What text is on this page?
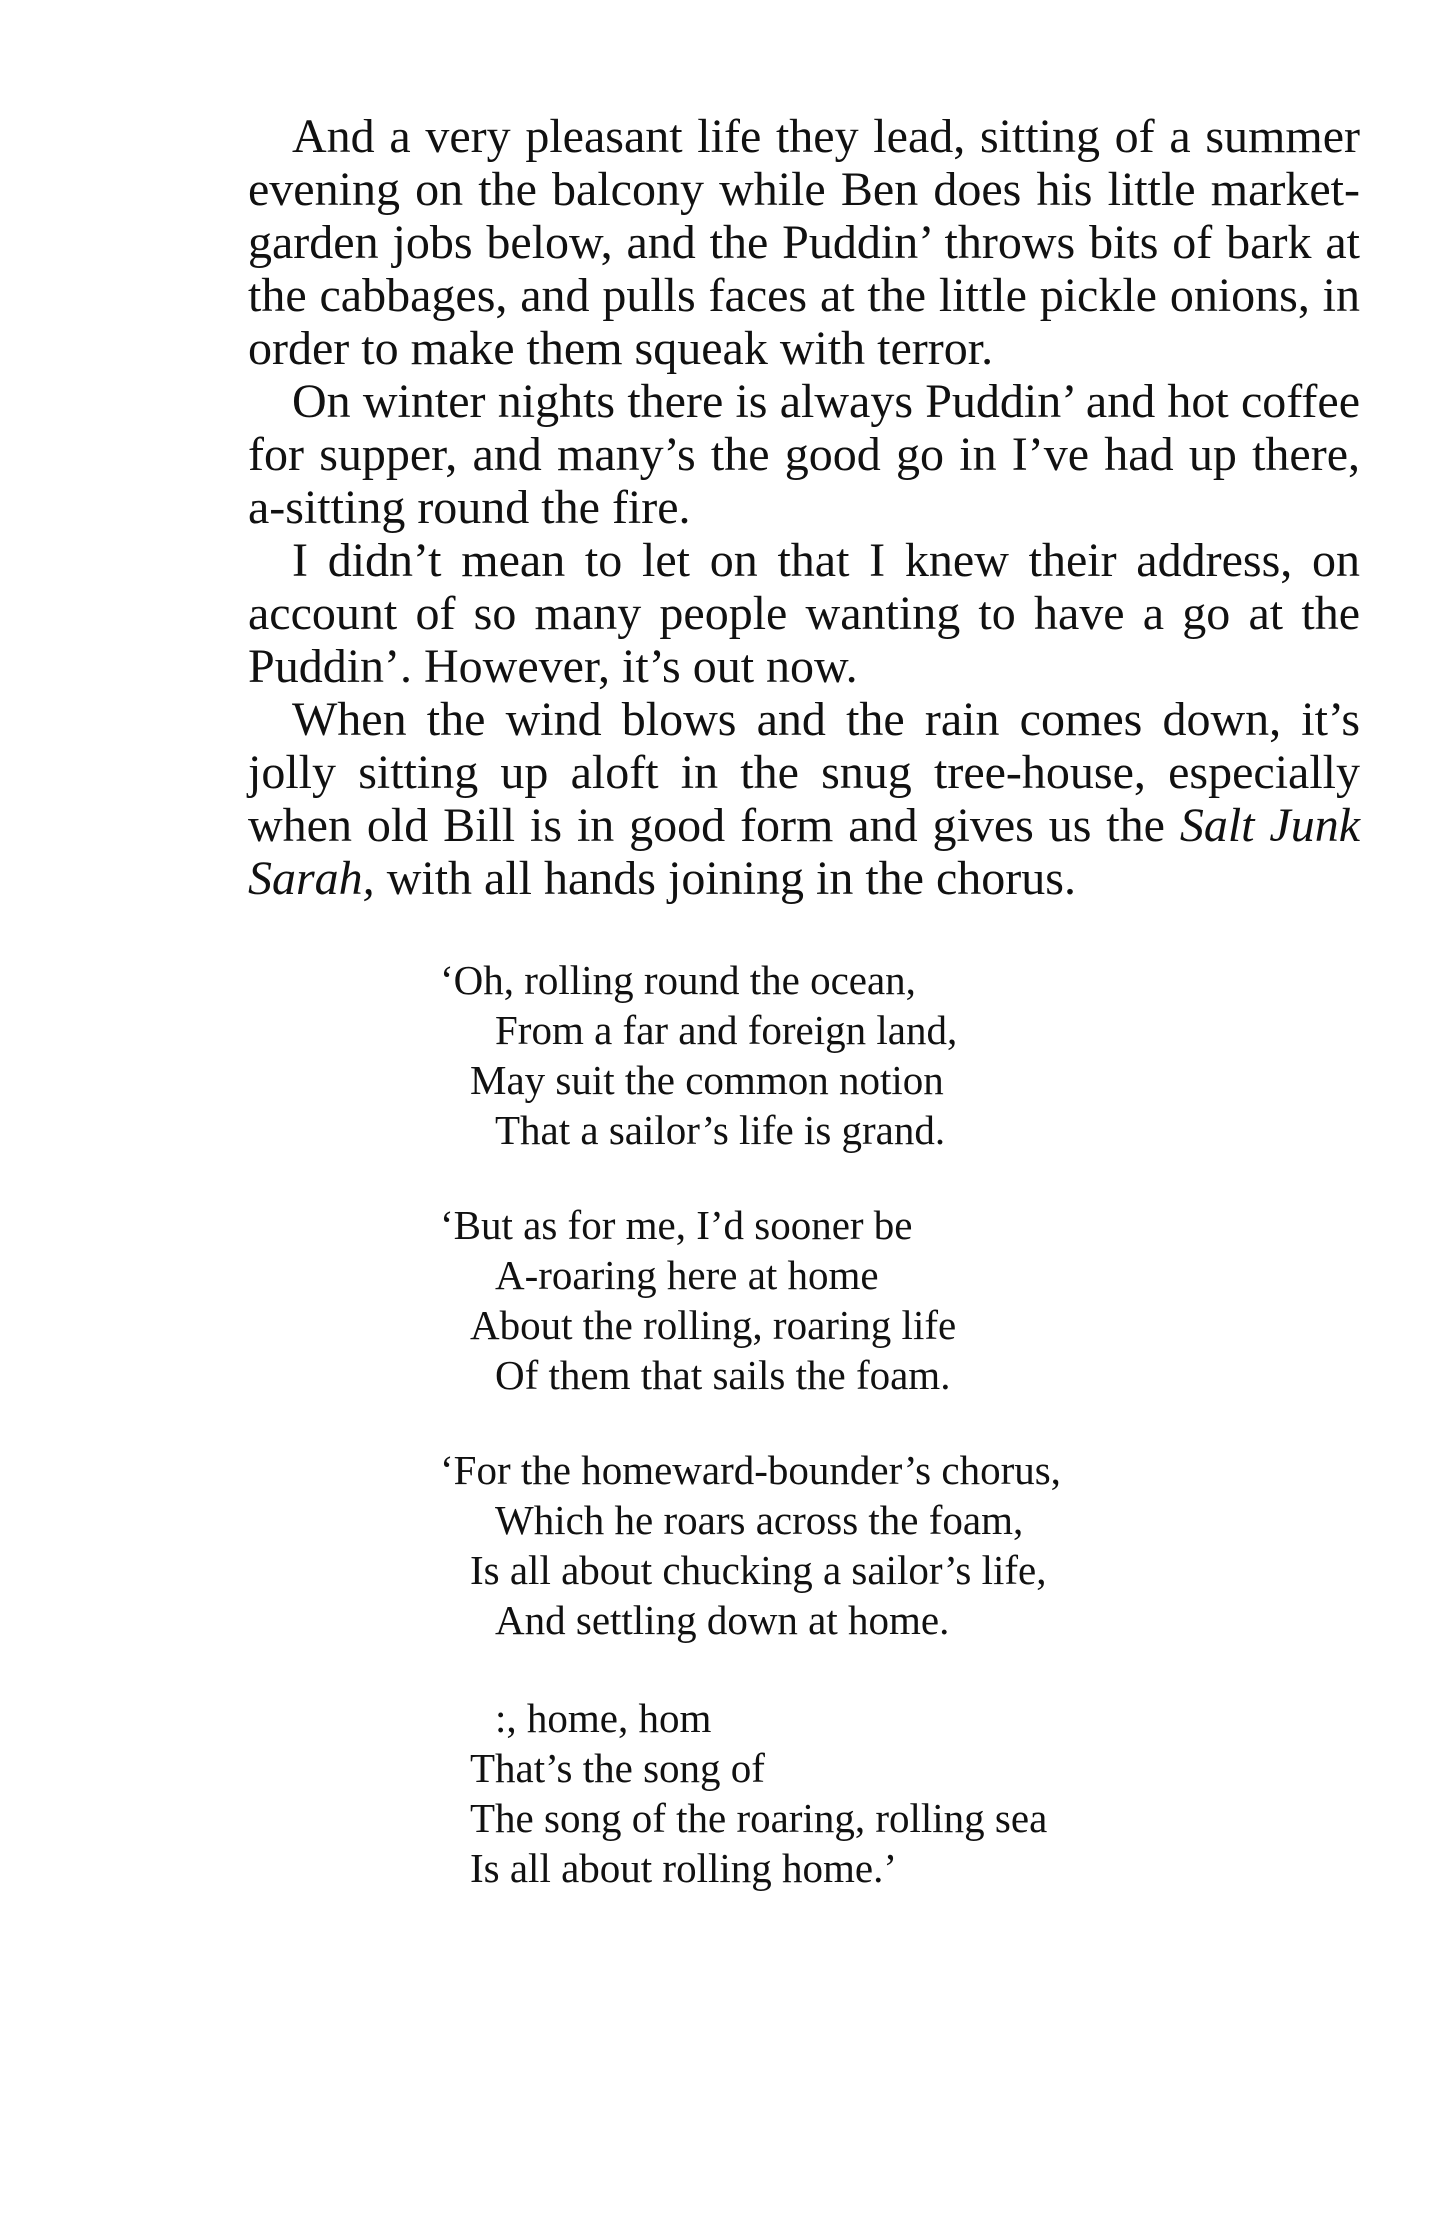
And a very pleasant life they lead, sitting of a summer evening on the balcony while Ben does his little market-garden jobs below, and the Puddin’ throws bits of bark at the cabbages, and pulls faces at the little pickle onions, in order to make them squeak with terror.

On winter nights there is always Puddin’ and hot coffee for supper, and many’s the good go in I’ve had up there, a-sitting round the fire.

I didn’t mean to let on that I knew their address, on account of so many people wanting to have a go at the Puddin’. However, it’s out now.

When the wind blows and the rain comes down, it’s jolly sitting up aloft in the snug tree-house, especially when old Bill is in good form and gives us the Salt Junk Sarah, with all hands joining in the chorus.

‘Oh, rolling round the ocean,
From a far and foreign land,
May suit the common notion
That a sailor’s life is grand.
‘But as for me, I’d sooner be
A-roaring here at home
About the rolling, roaring life
Of them that sails the foam.
‘For the homeward-bounder’s chorus,
Which he roars across the foam,
Is all about chucking a sailor’s life,
And settling down at home.
:, home, hom
That’s the song of
The song of the roaring, rolling sea
Is all about rolling home.’
